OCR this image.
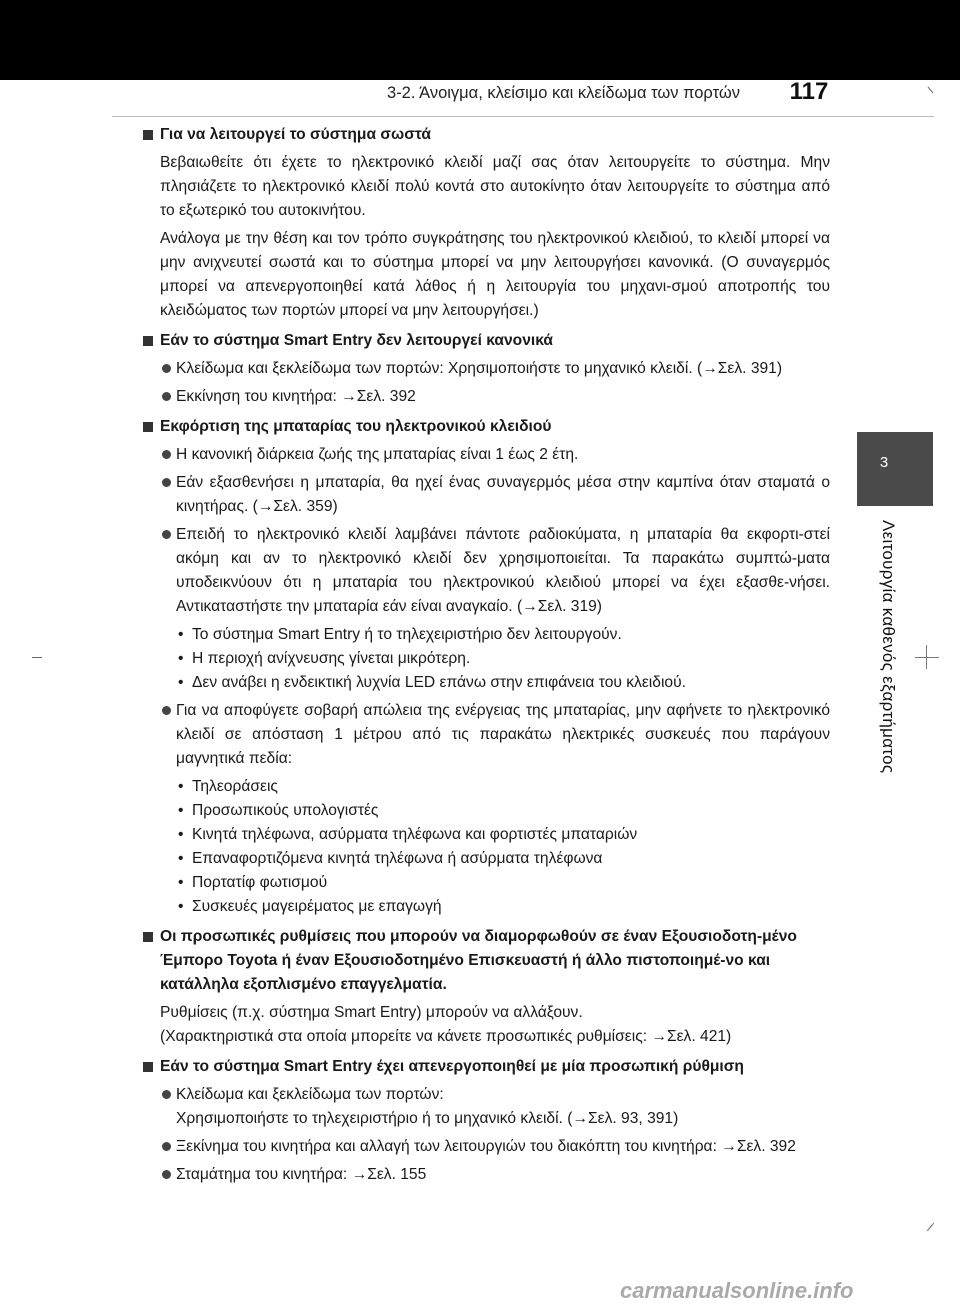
3-2. Άνοιγμα, κλείσιμο και κλείδωμα των πορτών	117
3
Λειτουργία καθενός εξαρτήματος

Για να λειτουργεί το σύστημα σωστά

Βεβαιωθείτε ότι έχετε το ηλεκτρονικό κλειδί μαζί σας όταν λειτουργείτε το σύστημα. Μην πλησιάζετε το ηλεκτρονικό κλειδί πολύ κοντά στο αυτοκίνητο όταν λειτουργείτε το σύστημα από το εξωτερικό του αυτοκινήτου.

Ανάλογα με την θέση και τον τρόπο συγκράτησης του ηλεκτρονικού κλειδιού, το κλειδί μπορεί να μην ανιχνευτεί σωστά και το σύστημα μπορεί να μην λειτουργήσει κανονικά. (Ο συναγερμός μπορεί να απενεργοποιηθεί κατά λάθος ή η λειτουργία του μηχανι-σμού αποτροπής του κλειδώματος των πορτών μπορεί να μην λειτουργήσει.)

Εάν το σύστημα Smart Entry δεν λειτουργεί κανονικά

Κλείδωμα και ξεκλείδωμα των πορτών: Χρησιμοποιήστε το μηχανικό κλειδί. (→Σελ. 391)

Εκκίνηση του κινητήρα: →Σελ. 392

Εκφόρτιση της μπαταρίας του ηλεκτρονικού κλειδιού

Η κανονική διάρκεια ζωής της μπαταρίας είναι 1 έως 2 έτη.

Εάν εξασθενήσει η μπαταρία, θα ηχεί ένας συναγερμός μέσα στην καμπίνα όταν σταματά ο κινητήρας. (→Σελ. 359)

Επειδή το ηλεκτρονικό κλειδί λαμβάνει πάντοτε ραδιοκύματα, η μπαταρία θα εκφορτι-στεί ακόμη και αν το ηλεκτρονικό κλειδί δεν χρησιμοποιείται. Τα παρακάτω συμπτώ-ματα υποδεικνύουν ότι η μπαταρία του ηλεκτρονικού κλειδιού μπορεί να έχει εξασθε-νήσει. Αντικαταστήστε την μπαταρία εάν είναι αναγκαίο. (→Σελ. 319)

• Το σύστημα Smart Entry ή το τηλεχειριστήριο δεν λειτουργούν.

• Η περιοχή ανίχνευσης γίνεται μικρότερη.

• Δεν ανάβει η ενδεικτική λυχνία LED επάνω στην επιφάνεια του κλειδιού.

Για να αποφύγετε σοβαρή απώλεια της ενέργειας της μπαταρίας, μην αφήνετε το ηλεκτρονικό κλειδί σε απόσταση 1 μέτρου από τις παρακάτω ηλεκτρικές συσκευές που παράγουν μαγνητικά πεδία:

• Τηλεοράσεις

• Προσωπικούς υπολογιστές

• Κινητά τηλέφωνα, ασύρματα τηλέφωνα και φορτιστές μπαταριών

• Επαναφορτιζόμενα κινητά τηλέφωνα ή ασύρματα τηλέφωνα

• Πορτατίφ φωτισμού

• Συσκευές μαγειρέματος με επαγωγή

Οι προσωπικές ρυθμίσεις που μπορούν να διαμορφωθούν σε έναν Εξουσιοδοτη-μένο Έμπορο Toyota ή έναν Εξουσιοδοτημένο Επισκευαστή ή άλλο πιστοποιημέ-νο και κατάλληλα εξοπλισμένο επαγγελματία.

Ρυθμίσεις (π.χ. σύστημα Smart Entry) μπορούν να αλλάξουν.

(Χαρακτηριστικά στα οποία μπορείτε να κάνετε προσωπικές ρυθμίσεις: →Σελ. 421)

Εάν το σύστημα Smart Entry έχει απενεργοποιηθεί με μία προσωπική ρύθμιση

Κλείδωμα και ξεκλείδωμα των πορτών:

Χρησιμοποιήστε το τηλεχειριστήριο ή το μηχανικό κλειδί. (→Σελ. 93, 391)

Ξεκίνημα του κινητήρα και αλλαγή των λειτουργιών του διακόπτη του κινητήρα: →Σελ. 392

Σταμάτημα του κινητήρα: →Σελ. 155

carmanualsonline.info
